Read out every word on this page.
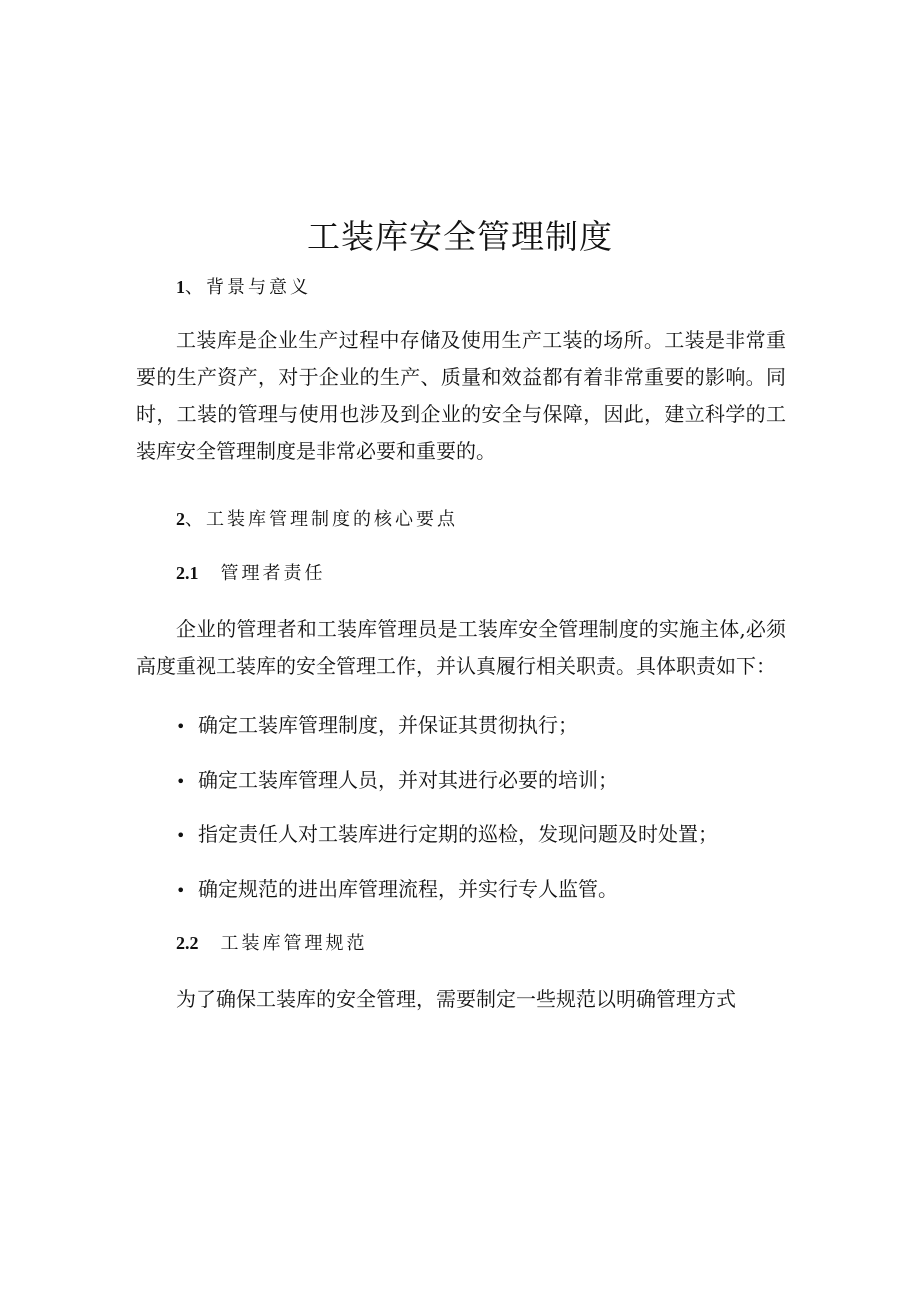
工装库安全管理制度
1、背景与意义

工装库是企业生产过程中存储及使用生产工装的场所。工装是非常重要的生产资产，对于企业的生产、质量和效益都有着非常重要的影响。同时，工装的管理与使用也涉及到企业的安全与保障，因此，建立科学的工装库安全管理制度是非常必要和重要的。

2、工装库管理制度的核心要点
2.1 管理者责任

企业的管理者和工装库管理员是工装库安全管理制度的实施主体,必须高度重视工装库的安全管理工作，并认真履行相关职责。具体职责如下：

• 确定工装库管理制度，并保证其贯彻执行；
• 确定工装库管理人员，并对其进行必要的培训；
• 指定责任人对工装库进行定期的巡检，发现问题及时处置；
• 确定规范的进出库管理流程，并实行专人监管。
2.2 工装库管理规范

为了确保工装库的安全管理，需要制定一些规范以明确管理方式
